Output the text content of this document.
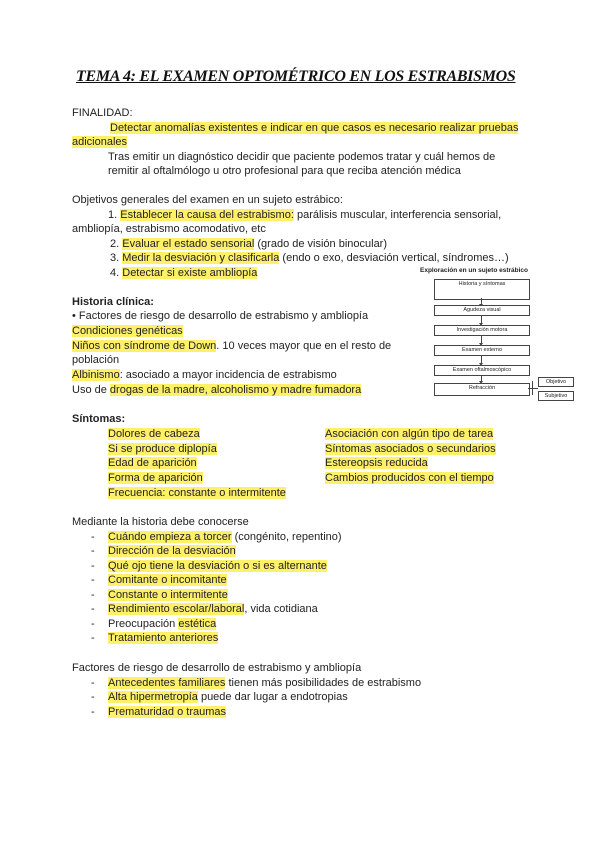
TEMA 4: EL EXAMEN OPTOMÉTRICO EN LOS ESTRABISMOS
FINALIDAD:
Detectar anomalías existentes e indicar en que casos es necesario realizar pruebas
adicionales
Tras emitir un diagnóstico decidir que paciente podemos tratar y cuál hemos de
remitir al oftalmólogo u otro profesional para que reciba atención médica
Objetivos generales del examen en un sujeto estrábico:
1. Establecer la causa del estrabismo: parálisis muscular, interferencia sensorial,
ambliopía, estrabismo acomodativo, etc
2. Evaluar el estado sensorial (grado de visión binocular)
3. Medir la desviación y clasificarla (endo o exo, desviación vertical, síndromes…)
4. Detectar si existe ambliopía
Historia clínica:
• Factores de riesgo de desarrollo de estrabismo y ambliopía
Condiciones genéticas
Niños con síndrome de Down. 10 veces mayor que en el resto de
población
Albinismo: asociado a mayor incidencia de estrabismo
Uso de drogas de la madre, alcoholismo y madre fumadora
Exploración en un sujeto estrábico
Historia y síntomas
Agudeza visual
Investigación motora
Examen externo
Examen oftalmoscópico
Refracción
Objetivo
Subjetivo
Síntomas:
Dolores de cabeza
Si se produce diplopía
Edad de aparición
Forma de aparición
Frecuencia: constante o intermitente
Asociación con algún tipo de tarea
Síntomas asociados o secundarios
Estereopsis reducida
Cambios producidos con el tiempo
Mediante la historia debe conocerse
- Cuándo empieza a torcer (congénito, repentino)
- Dirección de la desviación
- Qué ojo tiene la desviación o si es alternante
- Comitante o incomitante
- Constante o intermitente
- Rendimiento escolar/laboral, vida cotidiana
- Preocupación estética
- Tratamiento anteriores
Factores de riesgo de desarrollo de estrabismo y ambliopía
- Antecedentes familiares tienen más posibilidades de estrabismo
- Alta hipermetropía puede dar lugar a endotropias
- Prematuridad o traumas
